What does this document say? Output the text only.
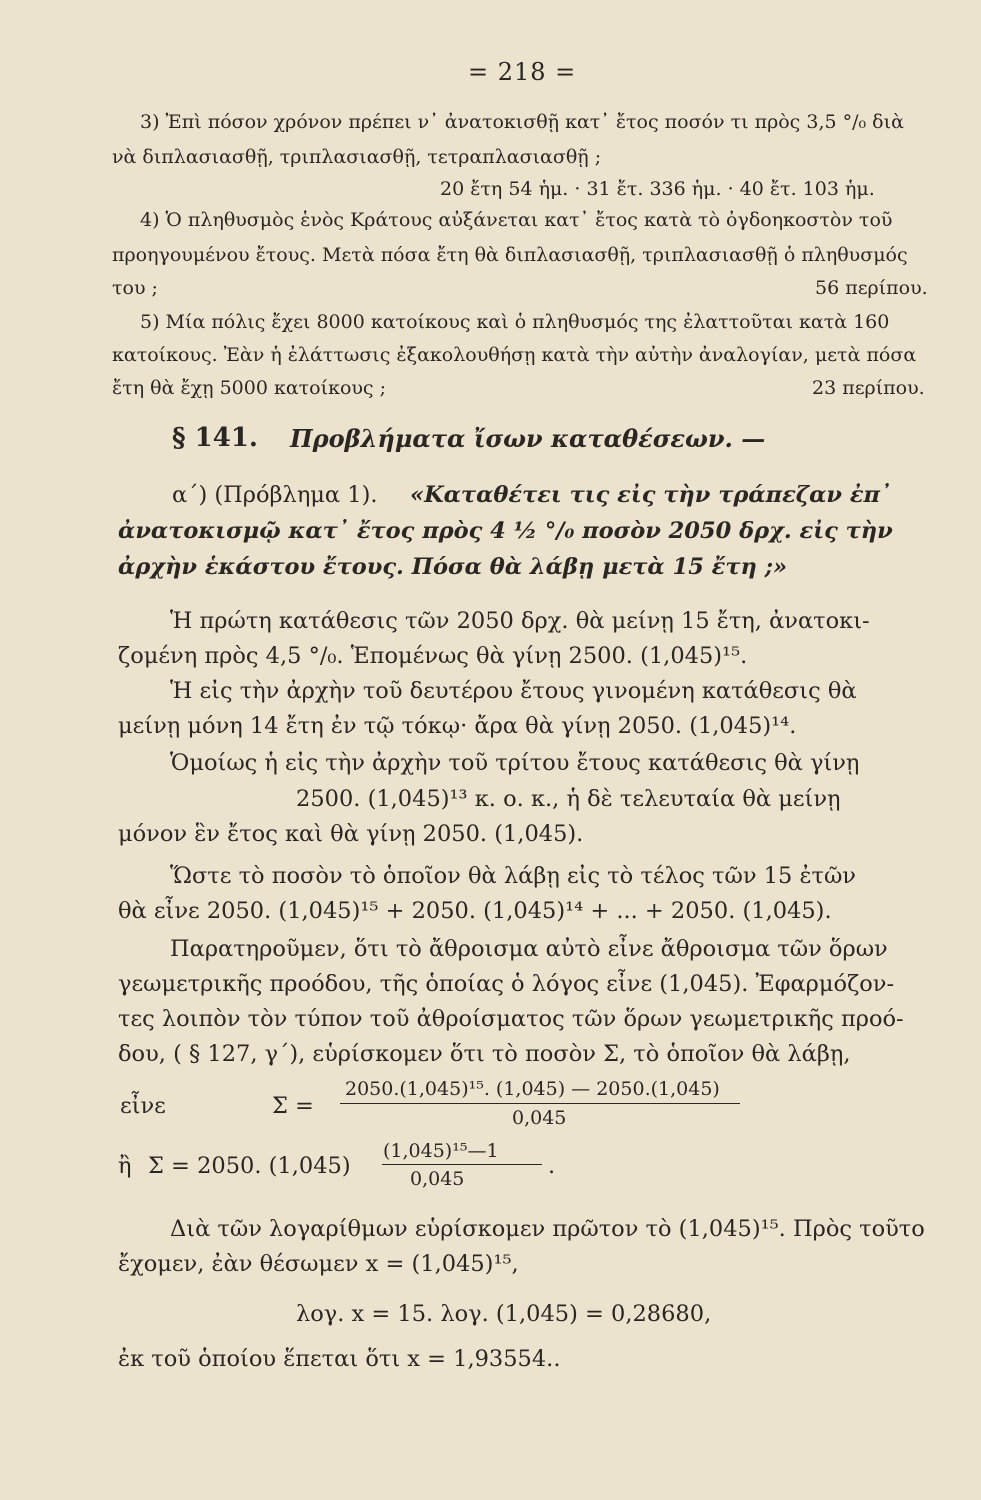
= 218 =
3) Ἐπὶ πόσον χρόνον πρέπει ν᾽ ἀνατοκισθῇ κατ᾽ ἔτος ποσόν τι πρὸς 3,5 °/₀ διὰ
νὰ διπλασιασθῇ, τριπλασιασθῇ, τετραπλασιασθῇ ;
20 ἔτη 54 ἡμ. · 31 ἔτ. 336 ἡμ. · 40 ἔτ. 103 ἡμ.
4) Ὁ πληθυσμὸς ἑνὸς Κράτους αὐξάνεται κατ᾽ ἔτος κατὰ τὸ ὀγδοηκοστὸν τοῦ
προηγουμένου ἔτους. Μετὰ πόσα ἔτη θὰ διπλασιασθῇ, τριπλασιασθῇ ὁ πληθυσμός
του ;	56 περίπου.
5) Μία πόλις ἔχει 8000 κατοίκους καὶ ὁ πληθυσμός της ἐλαττοῦται κατὰ 160
κατοίκους. Ἐὰν ἡ ἐλάττωσις ἐξακολουθήσῃ κατὰ τὴν αὐτὴν ἀναλογίαν, μετὰ πόσα
ἔτη θὰ ἔχῃ 5000 κατοίκους ;	23 περίπου.
§ 141. Προβλήματα ἴσων καταθέσεων. —
α΄) (Πρόβλημα 1). «Καταθέτει τις εἰς τὴν τράπεζαν ἐπ᾽
ἀνατοκισμῷ κατ᾽ ἔτος πρὸς 4 ½ °/₀ ποσὸν 2050 δρχ. εἰς τὴν
ἀρχὴν ἑκάστου ἔτους. Πόσα θὰ λάβῃ μετὰ 15 ἔτη ;»
Ἡ πρώτη κατάθεσις τῶν 2050 δρχ. θὰ μείνῃ 15 ἔτη, ἀνατοκι-
ζομένη πρὸς 4,5 °/₀. Ἑπομένως θὰ γίνῃ 2500. (1,045)¹⁵.
Ἡ εἰς τὴν ἀρχὴν τοῦ δευτέρου ἔτους γινομένη κατάθεσις θὰ
μείνῃ μόνη 14 ἔτη ἐν τῷ τόκῳ· ἄρα θὰ γίνῃ 2050. (1,045)¹⁴.
Ὁμοίως ἡ εἰς τὴν ἀρχὴν τοῦ τρίτου ἔτους κατάθεσις θὰ γίνῃ
2500. (1,045)¹³ κ. ο. κ., ἡ δὲ τελευταία θὰ μείνῃ
μόνον ἓν ἔτος καὶ θὰ γίνῃ 2050. (1,045).
Ὥστε τὸ ποσὸν τὸ ὁποῖον θὰ λάβῃ εἰς τὸ τέλος τῶν 15 ἐτῶν
θὰ εἶνε 2050. (1,045)¹⁵ + 2050. (1,045)¹⁴ + ... + 2050. (1,045).
Παρατηροῦμεν, ὅτι τὸ ἄθροισμα αὐτὸ εἶνε ἄθροισμα τῶν ὅρων
γεωμετρικῆς προόδου, τῆς ὁποίας ὁ λόγος εἶνε (1,045). Ἐφαρμόζον-
τες λοιπὸν τὸν τύπον τοῦ ἀθροίσματος τῶν ὅρων γεωμετρικῆς προό-
δου, ( § 127, γ΄), εὑρίσκομεν ὅτι τὸ ποσὸν Σ, τὸ ὁποῖον θὰ λάβῃ,
εἶνε	Σ =
2050.(1,045)¹⁵. (1,045) — 2050.(1,045)
0,045
ἢ Σ = 2050. (1,045)
(1,045)¹⁵—1
0,045	.
Διὰ τῶν λογαρίθμων εὑρίσκομεν πρῶτον τὸ (1,045)¹⁵. Πρὸς τοῦτο
ἔχομεν, ἐὰν θέσωμεν x = (1,045)¹⁵,
λογ. x = 15. λογ. (1,045) = 0,28680,
ἐκ τοῦ ὁποίου ἕπεται ὅτι x = 1,93554..
